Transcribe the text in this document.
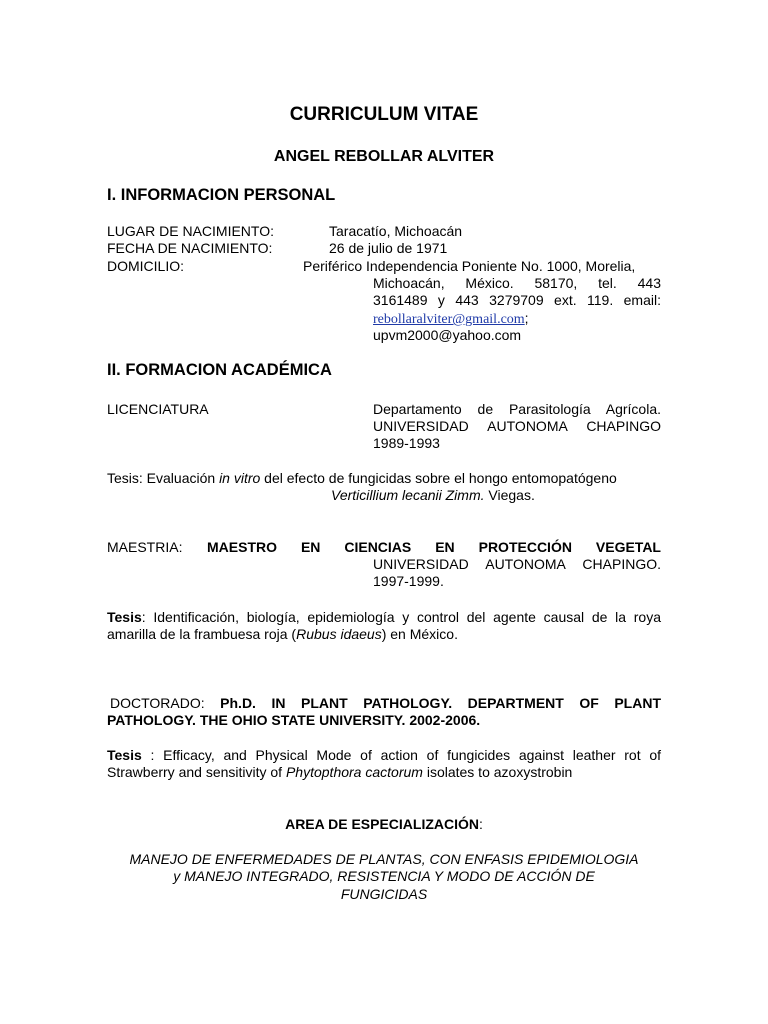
CURRICULUM VITAE
ANGEL REBOLLAR ALVITER
I. INFORMACION PERSONAL
LUGAR DE NACIMIENTO:	Taracatío, Michoacán
FECHA DE NACIMIENTO:	26 de julio de 1971
DOMICILIO:	Periférico Independencia Poniente No. 1000, Morelia,
Michoacán, México. 58170, tel. 443
3161489 y 443 3279709 ext. 119. email:
rebollaralviter@gmail.com;
upvm2000@yahoo.com
II. FORMACION ACADÉMICA
LICENCIATURA	Departamento de Parasitología Agrícola.
UNIVERSIDAD AUTONOMA CHAPINGO
1989-1993
Tesis: Evaluación in vitro del efecto de fungicidas sobre el hongo entomopatógeno
Verticillium lecanii Zimm. Viegas.
MAESTRIA: MAESTRO EN CIENCIAS EN PROTECCIÓN VEGETAL
UNIVERSIDAD AUTONOMA CHAPINGO.
1997-1999.
Tesis: Identificación, biología, epidemiología y control del agente causal de la roya
amarilla de la frambuesa roja (Rubus idaeus) en México.
DOCTORADO: Ph.D. IN PLANT PATHOLOGY. DEPARTMENT OF PLANT
PATHOLOGY. THE OHIO STATE UNIVERSITY. 2002-2006.
Tesis : Efficacy, and Physical Mode of action of fungicides against leather rot of
Strawberry and sensitivity of Phytopthora cactorum isolates to azoxystrobin
AREA DE ESPECIALIZACIÓN:
MANEJO DE ENFERMEDADES DE PLANTAS, CON ENFASIS EPIDEMIOLOGIA
y MANEJO INTEGRADO, RESISTENCIA Y MODO DE ACCIÓN DE
FUNGICIDAS
